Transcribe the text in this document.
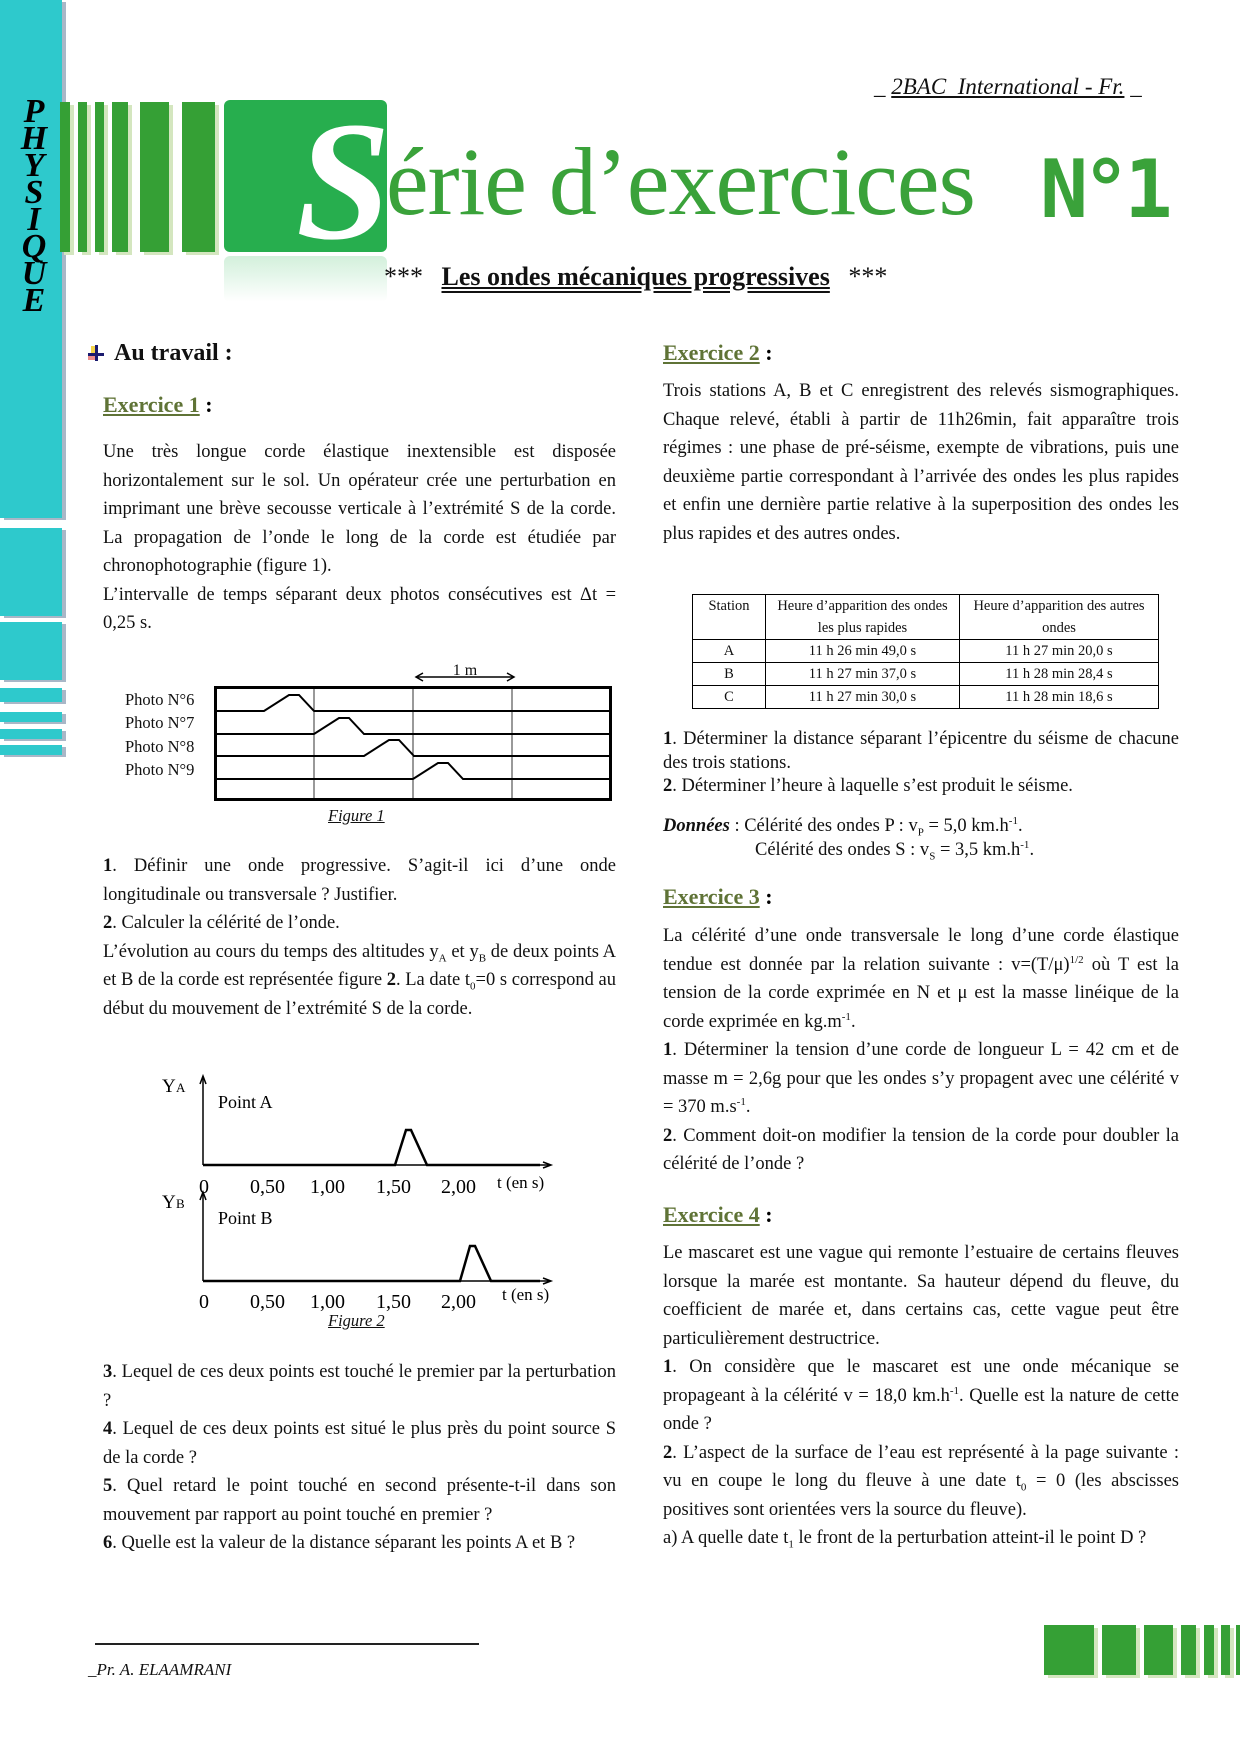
P
H
Y
S
I
Q
U
E
S
érie d’exercices N°1
_ 2BAC  International - Fr. _
*** Les ondes mécaniques progressives ***
Au travail :
Exercice 1 :

Une très longue corde élastique inextensible est disposée horizontalement sur le sol. Un opérateur crée une perturbation en imprimant une brève secousse verticale à l’extrémité S de la corde. La propagation de l’onde le long de la corde est étudiée par chronophotographie (figure 1).

L’intervalle de temps séparant deux photos consécutives est Δt = 0,25 s.

1 m
Photo N°6
Photo N°7
Photo N°8
Photo N°9
Figure 1

1. Définir une onde progressive. S’agit-il ici d’une onde longitudinale ou transversale ? Justifier.

2. Calculer la célérité de l’onde.

L’évolution au cours du temps des altitudes $y_A$ et $y_B$ de deux points A et B de la corde est représentée figure 2. La date $t_0=0$ s correspond au début du mouvement de l’extrémité S de la corde.

Y A
Point A
Y B
Point B
0 0,50 1,00 1,50 2,00 t (en s)
0 0,50 1,00 1,50 2,00 t (en s)
Figure 2

3. Lequel de ces deux points est touché le premier par la perturbation ?

4. Lequel de ces deux points est situé le plus près du point source S de la corde ?

5. Quel retard le point touché en second présente-t-il dans son mouvement par rapport au point touché en premier ?

6. Quelle est la valeur de la distance séparant les points A et B ?

Exercice 2 :

Trois stations A, B et C enregistrent des relevés sismographiques. Chaque relevé, établi à partir de 11h26min, fait apparaître trois régimes : une phase de pré-séisme, exempte de vibrations, puis une deuxième partie correspondant à l’arrivée des ondes les plus rapides et enfin une dernière partie relative à la superposition des ondes les plus rapides et des autres ondes.

Station	Heure d’apparition des ondes les plus rapides	Heure d’apparition des autres ondes
A	11 h 26 min 49,0 s	11 h 27 min 20,0 s
B	11 h 27 min 37,0 s	11 h 28 min 28,4 s
C	11 h 27 min 30,0 s	11 h 28 min 18,6 s

1. Déterminer la distance séparant l’épicentre du séisme de chacune des trois stations.

2. Déterminer l’heure à laquelle s’est produit le séisme.

Données : Célérité des ondes P : $v_P = 5,0$ $km.h^{-1}$.

Célérité des ondes S : $v_S = 3,5$ $km.h^{-1}$.

Exercice 3 :

La célérité d’une onde transversale le long d’une corde élastique tendue est donnée par la relation suivante : $v=(T/\mu)^{1/2}$ où T est la tension de la corde exprimée en N et μ est la masse linéique de la corde exprimée en $kg.m^{-1}$.

1. Déterminer la tension d’une corde de longueur L = 42 cm et de masse m = 2,6g pour que les ondes s’y propagent avec une célérité v = 370 $m.s^{-1}$.

2. Comment doit-on modifier la tension de la corde pour doubler la célérité de l’onde ?

Exercice 4 :

Le mascaret est une vague qui remonte l’estuaire de certains fleuves lorsque la marée est montante. Sa hauteur dépend du fleuve, du coefficient de marée et, dans certains cas, cette vague peut être particulièrement destructrice.

1. On considère que le mascaret est une onde mécanique se propageant à la célérité v = 18,0 $km.h^{-1}$. Quelle est la nature de cette onde ?

2. L’aspect de la surface de l’eau est représenté à la page suivante : vu en coupe le long du fleuve à une date $t_0 = 0$ (les abscisses positives sont orientées vers la source du fleuve).

a) A quelle date $t_1$ le front de la perturbation atteint-il le point D ?

_Pr. A. ELAAMRANI
